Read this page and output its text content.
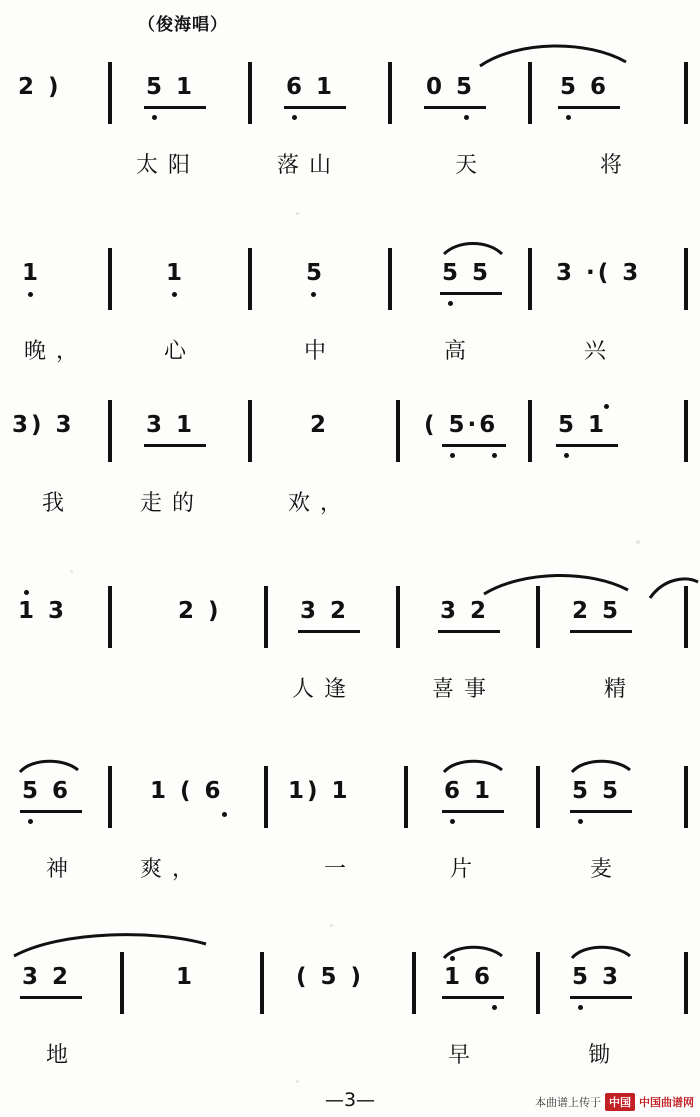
（俊海唱）
2 )	5 1	6 1	0 5	5 6
太阳	落山	天	将
1	1	5	5 5	3 ·( 3
晚，	心	中	高	兴
3) 3	3 1	2	( 5·6	5 1
我	走的	欢，
1 3	2 )	3 2	3 2	2 5
人逢	喜事	精
5 6	1 ( 6	1) 1	6 1	5 5
神	爽，	一	片	麦
3 2	1	( 5 )	1 6	5 3
地	早	锄
—3—	本曲谱上传于 中国 中国曲谱网
